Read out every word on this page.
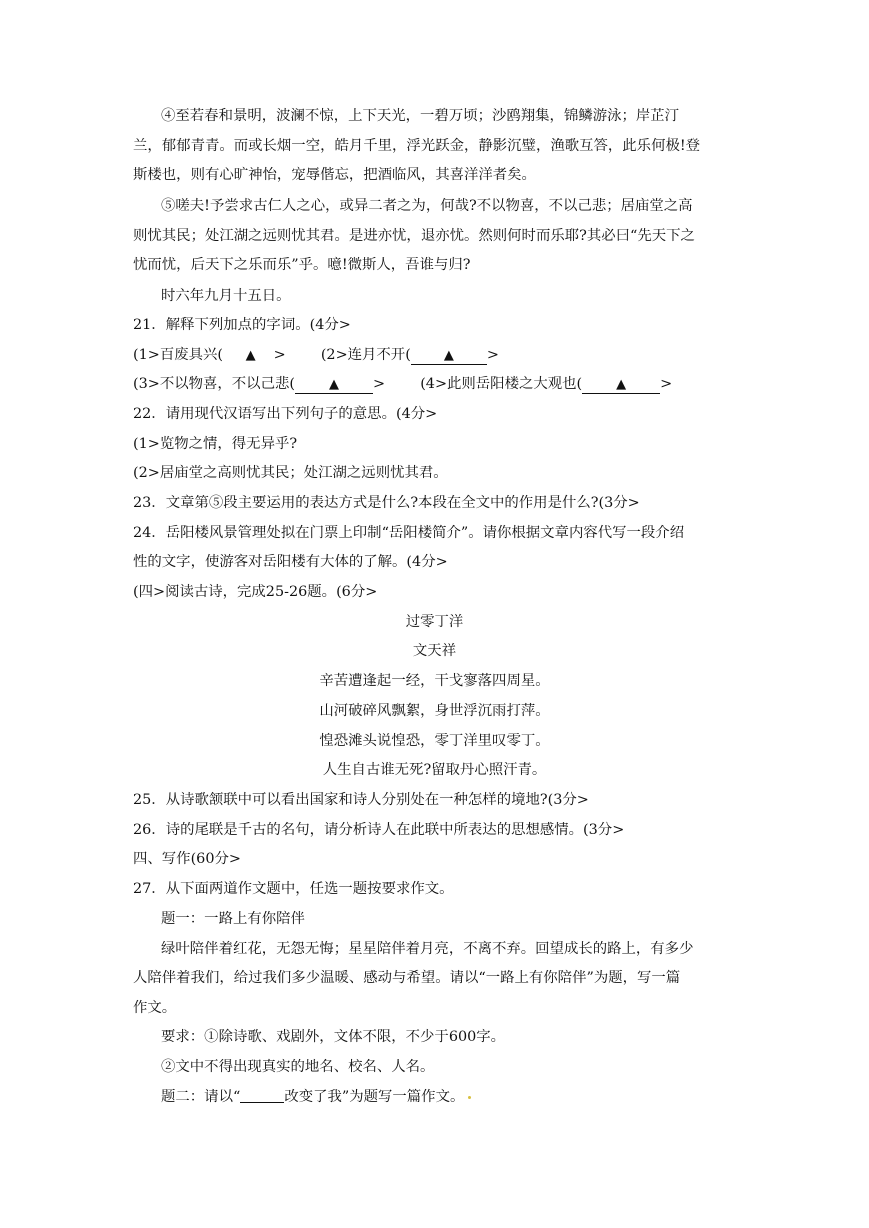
④至若春和景明，波澜不惊，上下天光，一碧万顷；沙鸥翔集，锦鳞游泳；岸芷汀
兰，郁郁青青。而或长烟一空，皓月千里，浮光跃金，静影沉璧，渔歌互答，此乐何极!登
斯楼也，则有心旷神怡，宠辱偕忘，把酒临风，其喜洋洋者矣。
⑤嗟夫!予尝求古仁人之心，或异二者之为，何哉?不以物喜，不以己悲；居庙堂之高
则忧其民；处江湖之远则忧其君。是进亦忧，退亦忧。然则何时而乐耶?其必曰“先天下之
忧而忧，后天下之乐而乐”乎。噫!微斯人，吾谁与归?
时六年九月十五日。
21．解释下列加点的字词。(4分>
(1>百废具兴( ▲ > (2>连月不开(	▲ >
(3>不以物喜，不以己悲(	▲ > (4>此则岳阳楼之大观也(	▲ >
22．请用现代汉语写出下列句子的意思。(4分>
(1>览物之情，得无异乎?
(2>居庙堂之高则忧其民；处江湖之远则忧其君。
23．文章第⑤段主要运用的表达方式是什么?本段在全文中的作用是什么?(3分>
24．岳阳楼风景管理处拟在门票上印制“岳阳楼简介”。请你根据文章内容代写一段介绍
性的文字，使游客对岳阳楼有大体的了解。(4分>
(四>阅读古诗，完成25-26题。(6分>
过零丁洋
文天祥
辛苦遭逢起一经，干戈寥落四周星。
山河破碎风飘絮，身世浮沉雨打萍。
惶恐滩头说惶恐，零丁洋里叹零丁。
人生自古谁无死?留取丹心照汗青。
25．从诗歌颔联中可以看出国家和诗人分别处在一种怎样的境地?(3分>
26．诗的尾联是千古的名句，请分析诗人在此联中所表达的思想感情。(3分>
四、写作(60分>
27．从下面两道作文题中，任选一题按要求作文。
题一：一路上有你陪伴
绿叶陪伴着红花，无怨无悔；星星陪伴着月亮，不离不弃。回望成长的路上，有多少
人陪伴着我们，给过我们多少温暖、感动与希望。请以“一路上有你陪伴”为题，写一篇
作文。
要求：①除诗歌、戏剧外，文体不限，不少于600字。
②文中不得出现真实的地名、校名、人名。
题二：请以“	改变了我”为题写一篇作文。
